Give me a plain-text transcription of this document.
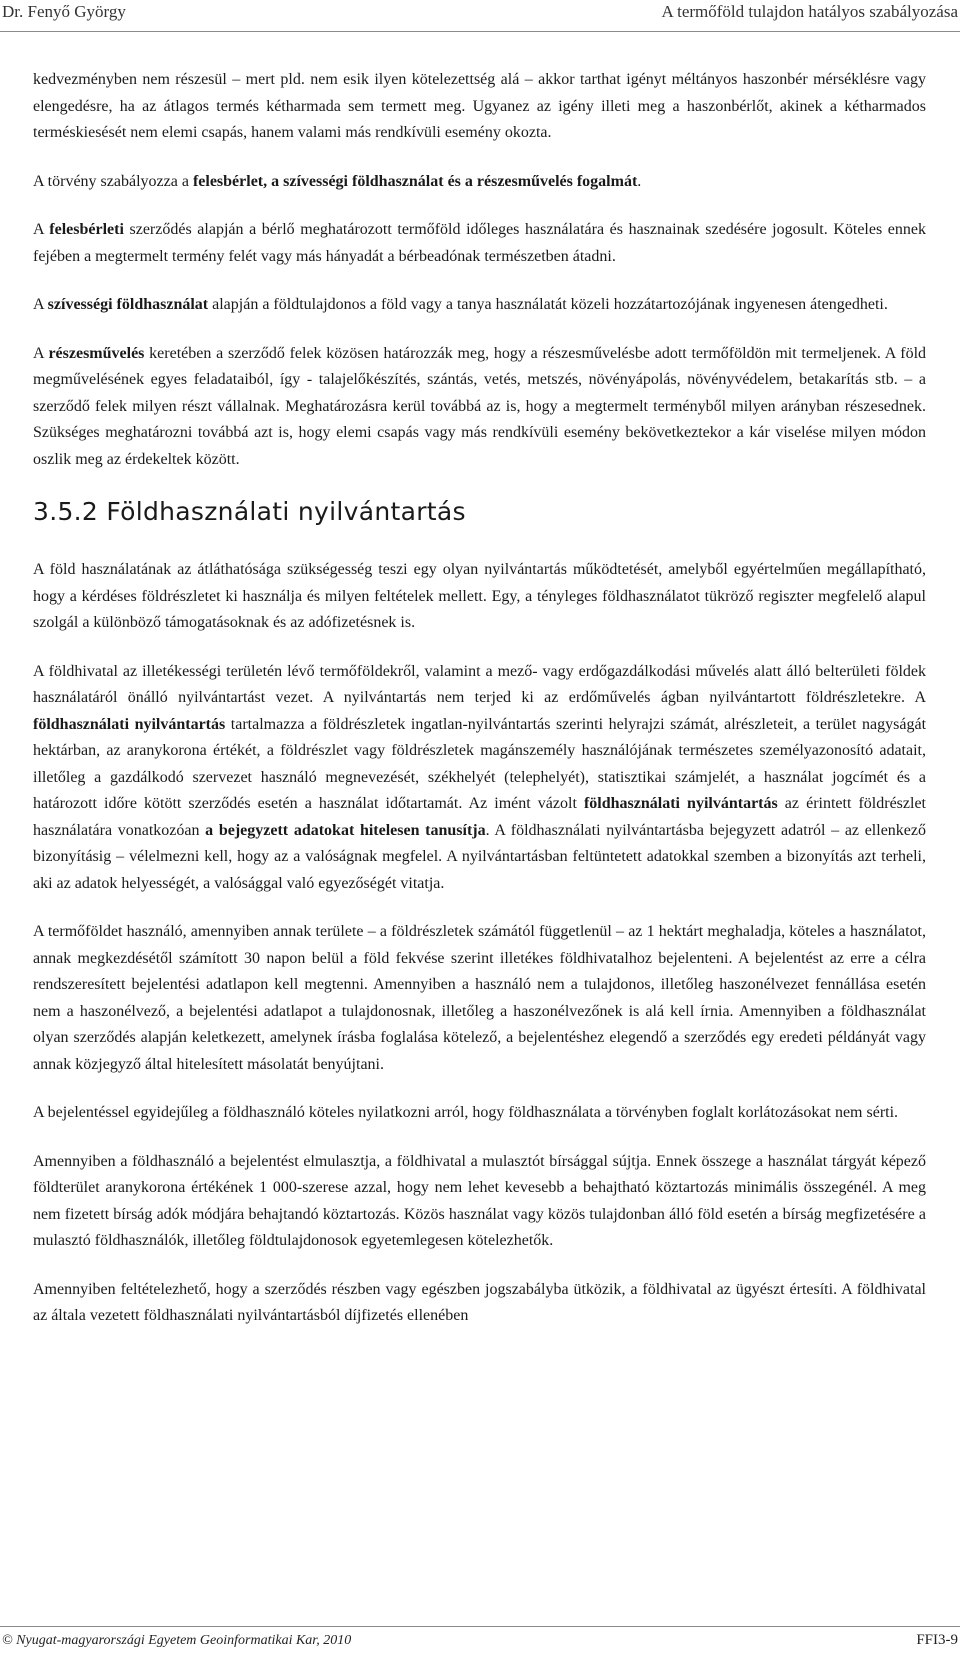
Dr. Fenyő György	A termőföld tulajdon hatályos szabályozása

kedvezményben nem részesül – mert pld. nem esik ilyen kötelezettség alá – akkor tarthat igényt méltányos haszonbér mérséklésre vagy elengedésre, ha az átlagos termés kétharmada sem termett meg. Ugyanez az igény illeti meg a haszonbérlőt, akinek a kétharmados terméskiesését nem elemi csapás, hanem valami más rendkívüli esemény okozta.

A törvény szabályozza a felesbérlet, a szívességi földhasználat és a részesművelés fogalmát.

A felesbérleti szerződés alapján a bérlő meghatározott termőföld időleges használatára és hasznainak szedésére jogosult. Köteles ennek fejében a megtermelt termény felét vagy más hányadát a bérbeadónak természetben átadni.

A szívességi földhasználat alapján a földtulajdonos a föld vagy a tanya használatát közeli hozzátartozójának ingyenesen átengedheti.

A részesművelés keretében a szerződő felek közösen határozzák meg, hogy a részesművelésbe adott termőföldön mit termeljenek. A föld megművelésének egyes feladataiból, így - talajelőkészítés, szántás, vetés, metszés, növényápolás, növényvédelem, betakarítás stb. – a szerződő felek milyen részt vállalnak. Meghatározásra kerül továbbá az is, hogy a megtermelt terményből milyen arányban részesednek. Szükséges meghatározni továbbá azt is, hogy elemi csapás vagy más rendkívüli esemény bekövetkeztekor a kár viselése milyen módon oszlik meg az érdekeltek között.

3.5.2 Földhasználati nyilvántartás

A föld használatának az átláthatósága szükségesség teszi egy olyan nyilvántartás működtetését, amelyből egyértelműen megállapítható, hogy a kérdéses földrészletet ki használja és milyen feltételek mellett. Egy, a tényleges földhasználatot tükröző regiszter megfelelő alapul szolgál a különböző támogatásoknak és az adófizetésnek is.

A földhivatal az illetékességi területén lévő termőföldekről, valamint a mező- vagy erdőgazdálkodási művelés alatt álló belterületi földek használatáról önálló nyilvántartást vezet. A nyilvántartás nem terjed ki az erdőművelés ágban nyilvántartott földrészletekre. A földhasználati nyilvántartás tartalmazza a földrészletek ingatlan-nyilvántartás szerinti helyrajzi számát, alrészleteit, a terület nagyságát hektárban, az aranykorona értékét, a földrészlet vagy földrészletek magánszemély használójának természetes személyazonosító adatait, illetőleg a gazdálkodó szervezet használó megnevezését, székhelyét (telephelyét), statisztikai számjelét, a használat jogcímét és a határozott időre kötött szerződés esetén a használat időtartamát. Az imént vázolt földhasználati nyilvántartás az érintett földrészlet használatára vonatkozóan a bejegyzett adatokat hitelesen tanusítja. A földhasználati nyilvántartásba bejegyzett adatról – az ellenkező bizonyításig – vélelmezni kell, hogy az a valóságnak megfelel. A nyilvántartásban feltüntetett adatokkal szemben a bizonyítás azt terheli, aki az adatok helyességét, a valósággal való egyezőségét vitatja.

A termőföldet használó, amennyiben annak területe – a földrészletek számától függetlenül – az 1 hektárt meghaladja, köteles a használatot, annak megkezdésétől számított 30 napon belül a föld fekvése szerint illetékes földhivatalhoz bejelenteni. A bejelentést az erre a célra rendszeresített bejelentési adatlapon kell megtenni. Amennyiben a használó nem a tulajdonos, illetőleg haszonélvezet fennállása esetén nem a haszonélvező, a bejelentési adatlapot a tulajdonosnak, illetőleg a haszonélvezőnek is alá kell írnia. Amennyiben a földhasználat olyan szerződés alapján keletkezett, amelynek írásba foglalása kötelező, a bejelentéshez elegendő a szerződés egy eredeti példányát vagy annak közjegyző által hitelesített másolatát benyújtani.

A bejelentéssel egyidejűleg a földhasználó köteles nyilatkozni arról, hogy földhasználata a törvényben foglalt korlátozásokat nem sérti.

Amennyiben a földhasználó a bejelentést elmulasztja, a földhivatal a mulasztót bírsággal sújtja. Ennek összege a használat tárgyát képező földterület aranykorona értékének 1 000-szerese azzal, hogy nem lehet kevesebb a behajtható köztartozás minimális összegénél. A meg nem fizetett bírság adók módjára behajtandó köztartozás. Közös használat vagy közös tulajdonban álló föld esetén a bírság megfizetésére a mulasztó földhasználók, illetőleg földtulajdonosok egyetemlegesen kötelezhetők.

Amennyiben feltételezhető, hogy a szerződés részben vagy egészben jogszabályba ütközik, a földhivatal az ügyészt értesíti. A földhivatal az általa vezetett földhasználati nyilvántartásból díjfizetés ellenében

© Nyugat-magyarországi Egyetem Geoinformatikai Kar, 2010	FFI3-9
